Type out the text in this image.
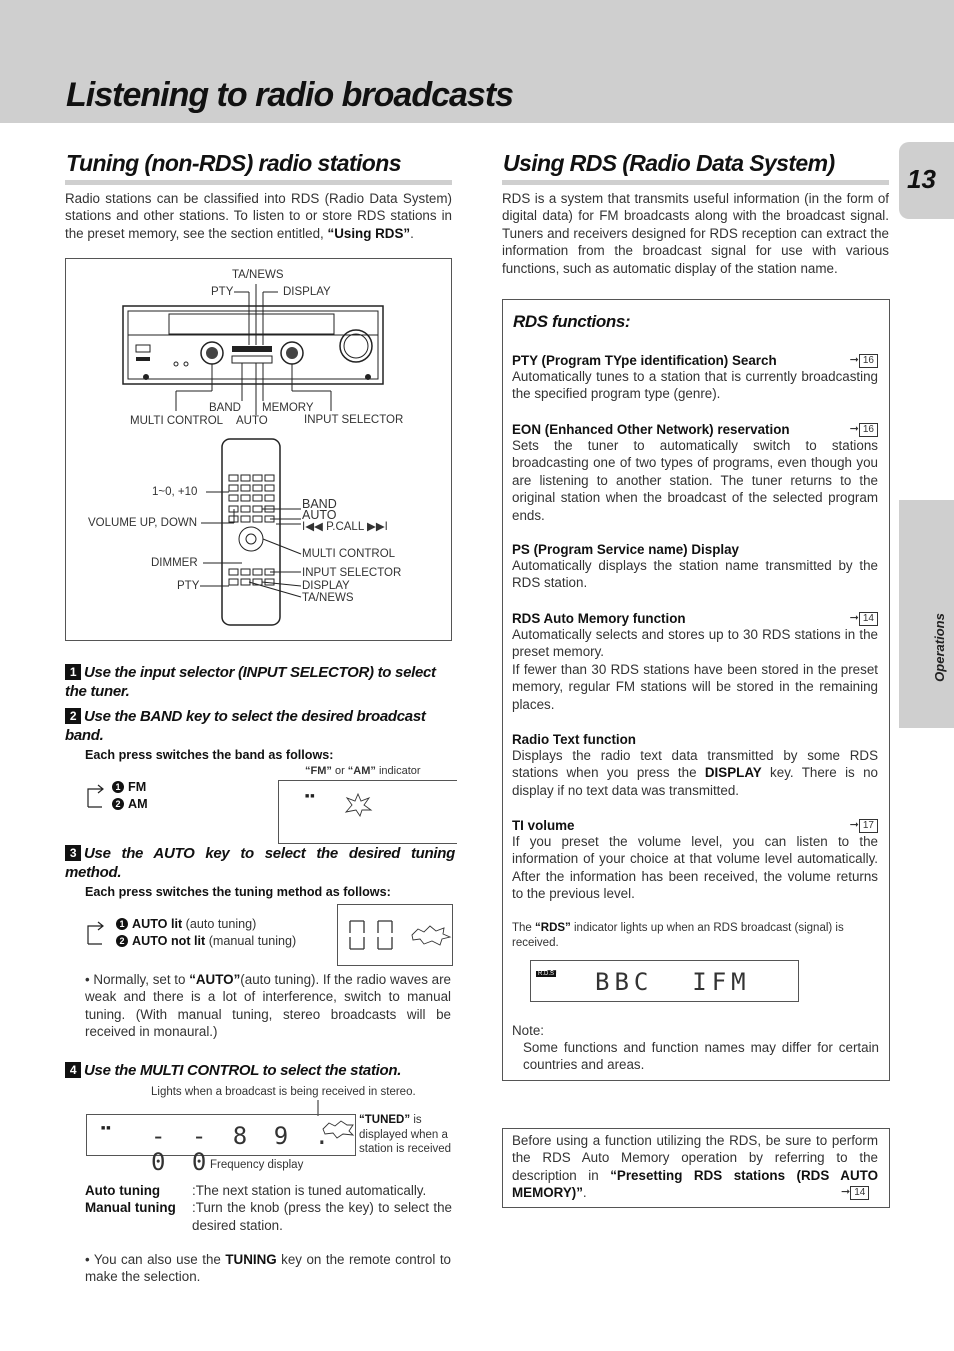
Listening to radio broadcasts
13
Operations
Tuning (non-RDS) radio stations

Radio stations can be classified into RDS (Radio Data System) stations and other stations. To listen to or store RDS stations in the preset memory, see the section entitled, “Using RDS”.

TA/NEWS
PTY	DISPLAY
BAND MEMORY
MULTI CONTROL AUTO	INPUT SELECTOR
1~0, +10
VOLUME UP, DOWN
DIMMER
PTY
BAND
AUTO
I◀◀ P.CALL ▶▶I
MULTI CONTROL
INPUT SELECTOR
DISPLAY
TA/NEWS
1 Use the input selector (INPUT SELECTOR) to select the tuner.
2 Use the BAND key to select the desired broadcast band.

Each press switches the band as follows:

“FM” or “AM” indicator

1 FM
2 AM
■■
3 Use the AUTO key to select the desired tuning method.

Each press switches the tuning method as follows:

1 AUTO lit (auto tuning)
2 AUTO not lit (manual tuning)

• Normally, set to “AUTO”(auto tuning). If the radio waves are weak and there is a lot of interference, switch to manual tuning. (With manual tuning, stereo broadcasts will be received in monaural.)

4 Use the MULTI CONTROL to select the station.

Lights when a broadcast is being received in stereo.

■■
- - 8 9 . 0 0

“TUNED” is displayed when a station is received

Frequency display

Auto tuning	:The next station is tuned automatically.
Manual tuning	:Turn the knob (press the key) to select the desired station.

• You can also use the TUNING key on the remote control to make the selection.

Using RDS (Radio Data System)

RDS is a system that transmits useful information (in the form of digital data) for FM broadcasts along with the broadcast signal. Tuners and receivers designed for RDS reception can extract the information from the broadcast signal for use with various functions, such as automatic display of the station name.

RDS functions:
PTY (Program TYpe identification) Search	➞ 16

Automatically tunes to a station that is currently broadcasting the specified program type (genre).

EON (Enhanced Other Network) reservation	➞ 16

Sets the tuner to automatically switch to stations broadcasting one of two types of programs, even though you are listening to another station. The tuner returns to the original station when the broadcast of the selected program ends.

PS (Program Service name) Display

Automatically displays the station name transmitted by the RDS station.

RDS Auto Memory function	➞ 14

Automatically selects and stores up to 30 RDS stations in the preset memory.

If fewer than 30 RDS stations have been stored in the preset memory, regular FM stations will be stored in the remaining places.

Radio Text function

Displays the radio text data transmitted by some RDS stations when you press the DISPLAY key. There is no display if no text data was transmitted.

TI volume	➞ 17

If you preset the volume level, you can listen to the information of your choice at that volume level automatically. After the information has been received, the volume returns to the previous level.

The “RDS” indicator lights up when an RDS broadcast (signal) is received.

■■
R.D.S BBC  IFM

Note:

Some functions and function names may differ for certain countries and areas.

Before using a function utilizing the RDS, be sure to perform the RDS Auto Memory operation by referring to the description in “Presetting RDS stations (RDS AUTO MEMORY)”.	➞ 14
